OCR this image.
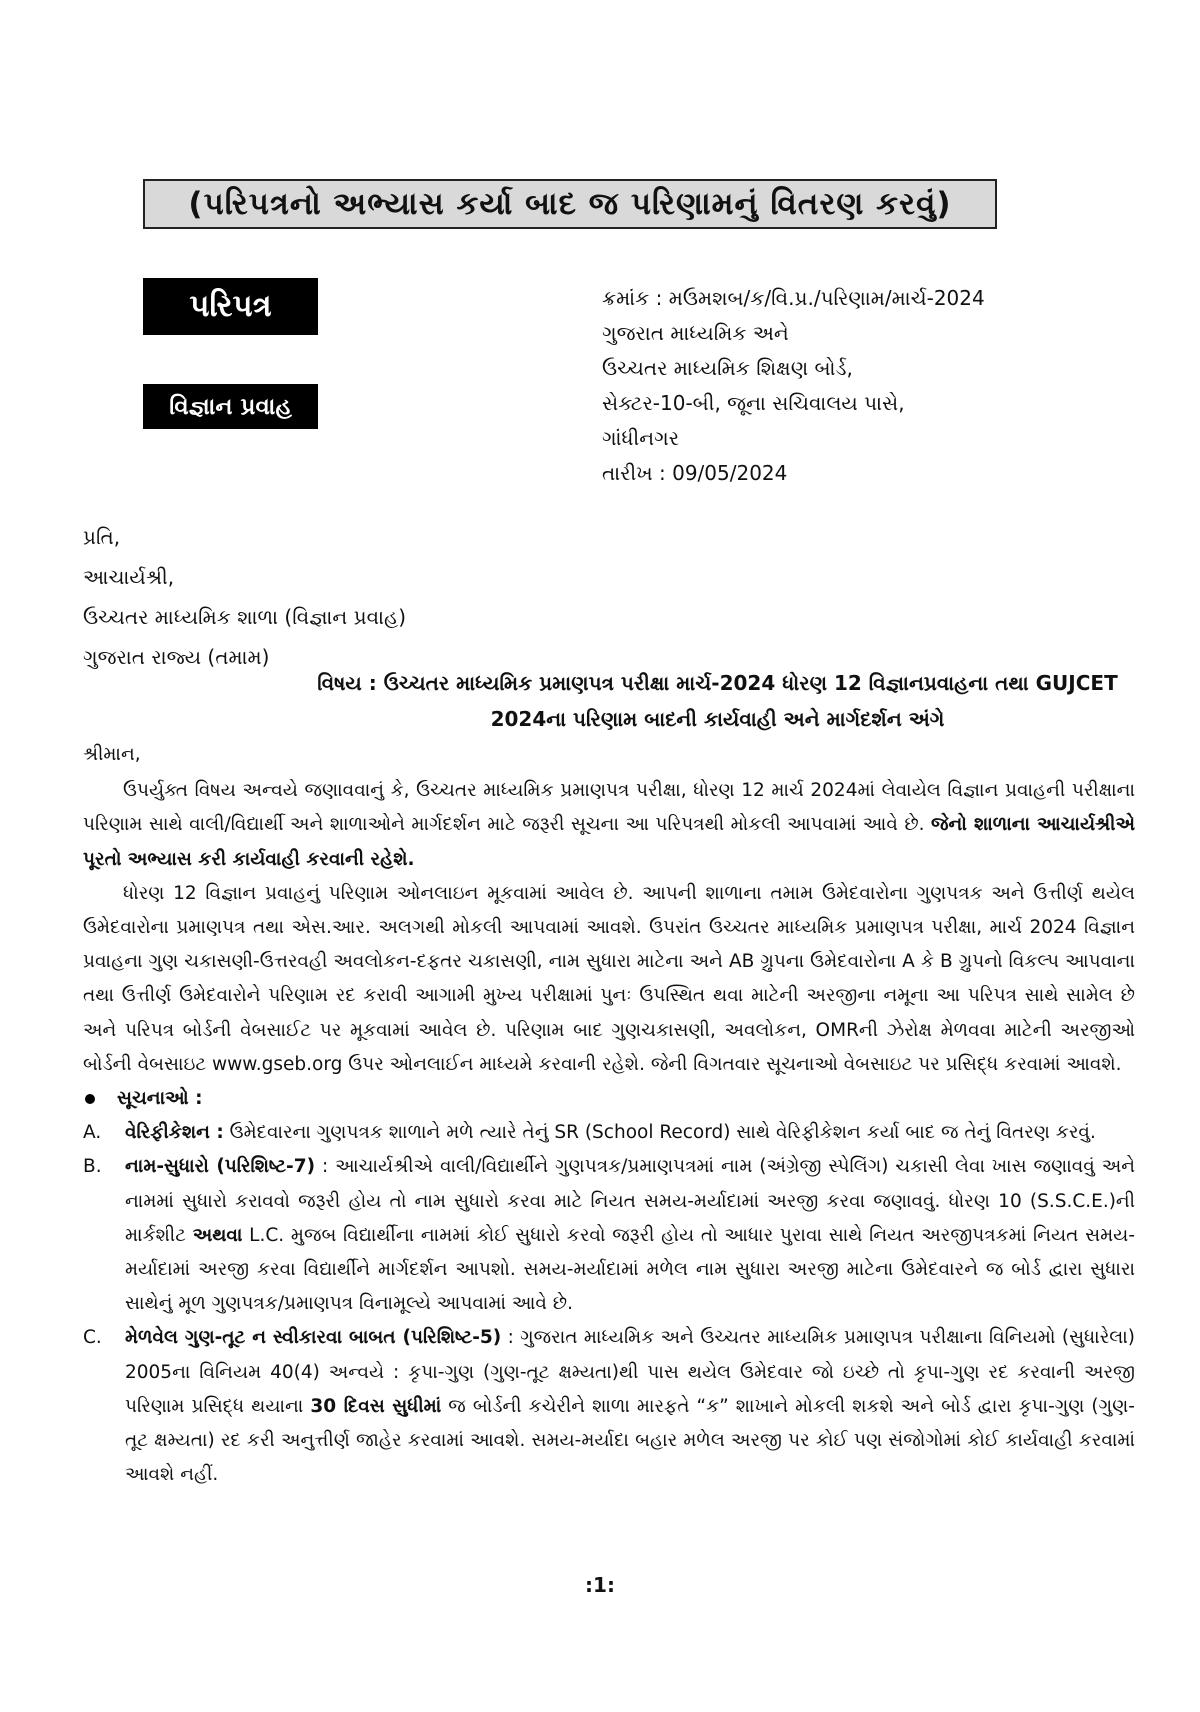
(પરિપત્રનો અભ્યાસ કર્યા બાદ જ પરિણામનું વિતરણ કરવું)
પરિપત્ર
વિજ્ઞાન પ્રવાહ
ક્રમાંક : મઉમશબ/ક/વિ.પ્ર./પરિણામ/માર્ચ-2024
ગુજરાત માધ્યમિક અને
ઉચ્ચતર માધ્યમિક શિક્ષણ બોર્ડ,
સેક્ટર-10-બી, જૂના સચિવાલય પાસે,
ગાંધીનગર
તારીખ : 09/05/2024
પ્રતિ,
આચાર્યશ્રી,
ઉચ્ચતર માધ્યમિક શાળા (વિજ્ઞાન પ્રવાહ)
ગુજરાત રાજ્ય (તમામ)
વિષય : ઉચ્ચતર માધ્યમિક પ્રમાણપત્ર પરીક્ષા માર્ચ-2024 ધોરણ 12 વિજ્ઞાનપ્રવાહના તથા GUJCET
2024ના પરિણામ બાદની કાર્યવાહી અને માર્ગદર્શન અંગે

શ્રીમાન,

ઉપર્યુક્ત વિષય અન્વયે જણાવવાનું કે, ઉચ્ચતર માધ્યમિક પ્રમાણપત્ર પરીક્ષા, ધોરણ 12 માર્ચ 2024માં લેવાયેલ વિજ્ઞાન પ્રવાહની પરીક્ષાના પરિણામ સાથે વાલી/વિદ્યાર્થી અને શાળાઓને માર્ગદર્શન માટે જરૂરી સૂચના આ પરિપત્રથી મોકલી આપવામાં આવે છે. જેનો શાળાના આચાર્યશ્રીએ પૂરતો અભ્યાસ કરી કાર્યવાહી કરવાની રહેશે.

ધોરણ 12 વિજ્ઞાન પ્રવાહનું પરિણામ ઓનલાઇન મૂકવામાં આવેલ છે. આપની શાળાના તમામ ઉમેદવારોના ગુણપત્રક અને ઉત્તીર્ણ થયેલ ઉમેદવારોના પ્રમાણપત્ર તથા એસ.આર. અલગથી મોકલી આપવામાં આવશે. ઉપરાંત ઉચ્ચતર માધ્યમિક પ્રમાણપત્ર પરીક્ષા, માર્ચ 2024 વિજ્ઞાન પ્રવાહના ગુણ ચકાસણી-ઉત્તરવહી અવલોકન-દફતર ચકાસણી, નામ સુધારા માટેના અને AB ગ્રુપના ઉમેદવારોના A કે B ગ્રુપનો વિકલ્પ આપવાના તથા ઉત્તીર્ણ ઉમેદવારોને પરિણામ રદ કરાવી આગામી મુખ્ય પરીક્ષામાં પુનઃ ઉપસ્થિત થવા માટેની અરજીના નમૂના આ પરિપત્ર સાથે સામેલ છે અને પરિપત્ર બોર્ડની વેબસાઈટ પર મૂકવામાં આવેલ છે. પરિણામ બાદ ગુણચકાસણી, અવલોકન, OMRની ઝેરોક્ષ મેળવવા માટેની અરજીઓ બોર્ડની વેબસાઇટ www.gseb.org ઉપર ઓનલાઈન માધ્યમે કરવાની રહેશે. જેની વિગતવાર સૂચનાઓ વેબસાઇટ પર પ્રસિદ્ધ કરવામાં આવશે.

સૂચનાઓ :
A.	વેરિફીકેશન : ઉમેદવારના ગુણપત્રક શાળાને મળે ત્યારે તેનું SR (School Record) સાથે વેરિફીકેશન કર્યા બાદ જ તેનું વિતરણ કરવું.

B.	નામ-સુધારો (પરિશિષ્ટ-7) : આચાર્યશ્રીએ વાલી/વિદ્યાર્થીને ગુણપત્રક/પ્રમાણપત્રમાં નામ (અંગ્રેજી સ્પેલિંગ) ચકાસી લેવા ખાસ જણાવવું અને નામમાં સુધારો કરાવવો જરૂરી હોય તો નામ સુધારો કરવા માટે નિયત સમય-મર્યાદામાં અરજી કરવા જણાવવું. ધોરણ 10 (S.S.C.E.)ની માર્કશીટ અથવા L.C. મુજબ વિદ્યાર્થીના નામમાં કોઈ સુધારો કરવો જરૂરી હોય તો આધાર પુરાવા સાથે નિયત અરજીપત્રકમાં નિયત સમય-મર્યાદામાં અરજી કરવા વિદ્યાર્થીને માર્ગદર્શન આપશો. સમય-મર્યાદામાં મળેલ નામ સુધારા અરજી માટેના ઉમેદવારને જ બોર્ડ દ્વારા સુધારા સાથેનું મૂળ ગુણપત્રક/પ્રમાણપત્ર વિનામૂલ્યે આપવામાં આવે છે.

C.	મેળવેલ ગુણ-તૂટ ન સ્વીકારવા બાબત (પરિશિષ્ટ-5) : ગુજરાત માધ્યમિક અને ઉચ્ચતર માધ્યમિક પ્રમાણપત્ર પરીક્ષાના વિનિયમો (સુધારેલા) 2005ના વિનિયમ 40(4) અન્વયે : કૃપા-ગુણ (ગુણ-તૂટ ક્ષમ્યતા)થી પાસ થયેલ ઉમેદવાર જો ઇચ્છે તો કૃપા-ગુણ રદ કરવાની અરજી પરિણામ પ્રસિદ્ધ થયાના 30 દિવસ સુધીમાં જ બોર્ડની કચેરીને શાળા મારફતે “ક” શાખાને મોકલી શકશે અને બોર્ડ દ્વારા કૃપા-ગુણ (ગુણ-તૂટ ક્ષમ્યતા) રદ કરી અનુત્તીર્ણ જાહેર કરવામાં આવશે. સમય-મર્યાદા બહાર મળેલ અરજી પર કોઈ પણ સંજોગોમાં કોઈ કાર્યવાહી કરવામાં આવશે નહીં.

:1:
